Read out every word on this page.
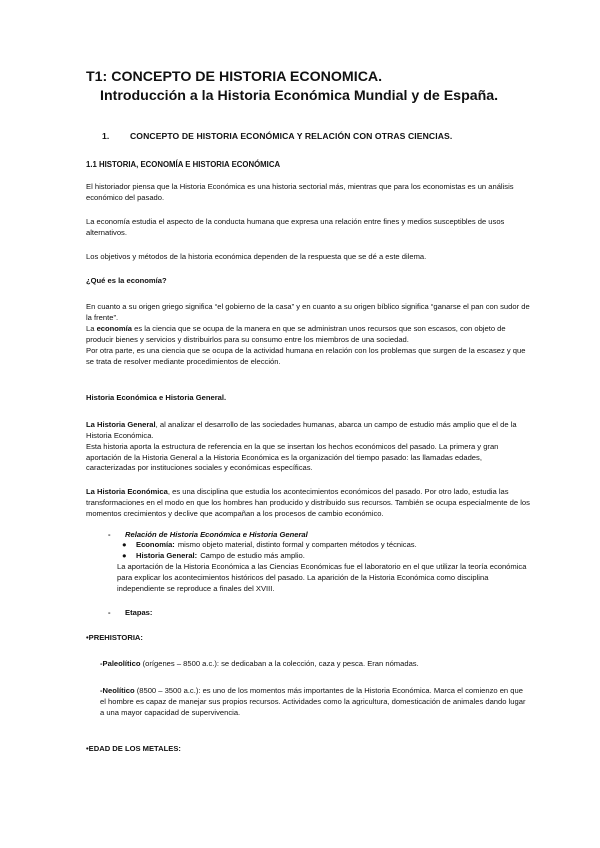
T1: CONCEPTO DE HISTORIA ECONOMICA.
Introducción a la Historia Económica Mundial y de España.
1. CONCEPTO DE HISTORIA ECONÓMICA Y RELACIÓN CON OTRAS CIENCIAS.
1.1 HISTORIA, ECONOMÍA E HISTORIA ECONÓMICA

El historiador piensa que la Historia Económica es una historia sectorial más, mientras que para los economistas es un análisis económico del pasado.

La economía estudia el aspecto de la conducta humana que expresa una relación entre fines y medios susceptibles de usos alternativos.

Los objetivos y métodos de la historia económica dependen de la respuesta que se dé a este dilema.

¿Qué es la economía?

En cuanto a su origen griego significa “el gobierno de la casa” y en cuanto a su origen bíblico significa “ganarse el pan con sudor de la frente”.

La economía es la ciencia que se ocupa de la manera en que se administran unos recursos que son escasos, con objeto de producir bienes y servicios y distribuirlos para su consumo entre los miembros de una sociedad.

Por otra parte, es una ciencia que se ocupa de la actividad humana en relación con los problemas que surgen de la escasez y que se trata de resolver mediante procedimientos de elección.

Historia Económica e Historia General.

La Historia General, al analizar el desarrollo de las sociedades humanas, abarca un campo de estudio más amplio que el de la Historia Económica.

Esta historia aporta la estructura de referencia en la que se insertan los hechos económicos del pasado. La primera y gran aportación de la Historia General a la Historia Económica es la organización del tiempo pasado: las llamadas edades, caracterizadas por instituciones sociales y económicas específicas.

La Historia Económica, es una disciplina que estudia los acontecimientos económicos del pasado. Por otro lado, estudia las transformaciones en el modo en que los hombres han producido y distribuido sus recursos. También se ocupa especialmente de los momentos crecimientos y declive que acompañan a los procesos de cambio económico.

-	Relación de Historia Económica e Historia General
●	Economía: mismo objeto material, distinto formal y comparten métodos y técnicas.
●	Historia General: Campo de estudio más amplio.

La aportación de la Historia Económica a las Ciencias Económicas fue el laboratorio en el que utilizar la teoría económica para explicar los acontecimientos históricos del pasado. La aparición de la Historia Económica como disciplina independiente se reproduce a finales del XVIII.

-	Etapas:

•PREHISTORIA:

-Paleolítico (orígenes – 8500 a.c.): se dedicaban a la colección, caza y pesca. Eran nómadas.

-Neolítico (8500 – 3500 a.c.): es uno de los momentos más importantes de la Historia Económica. Marca el comienzo en que el hombre es capaz de manejar sus propios recursos. Actividades como la agricultura, domesticación de animales dando lugar a una mayor capacidad de supervivencia.

•EDAD DE LOS METALES:
